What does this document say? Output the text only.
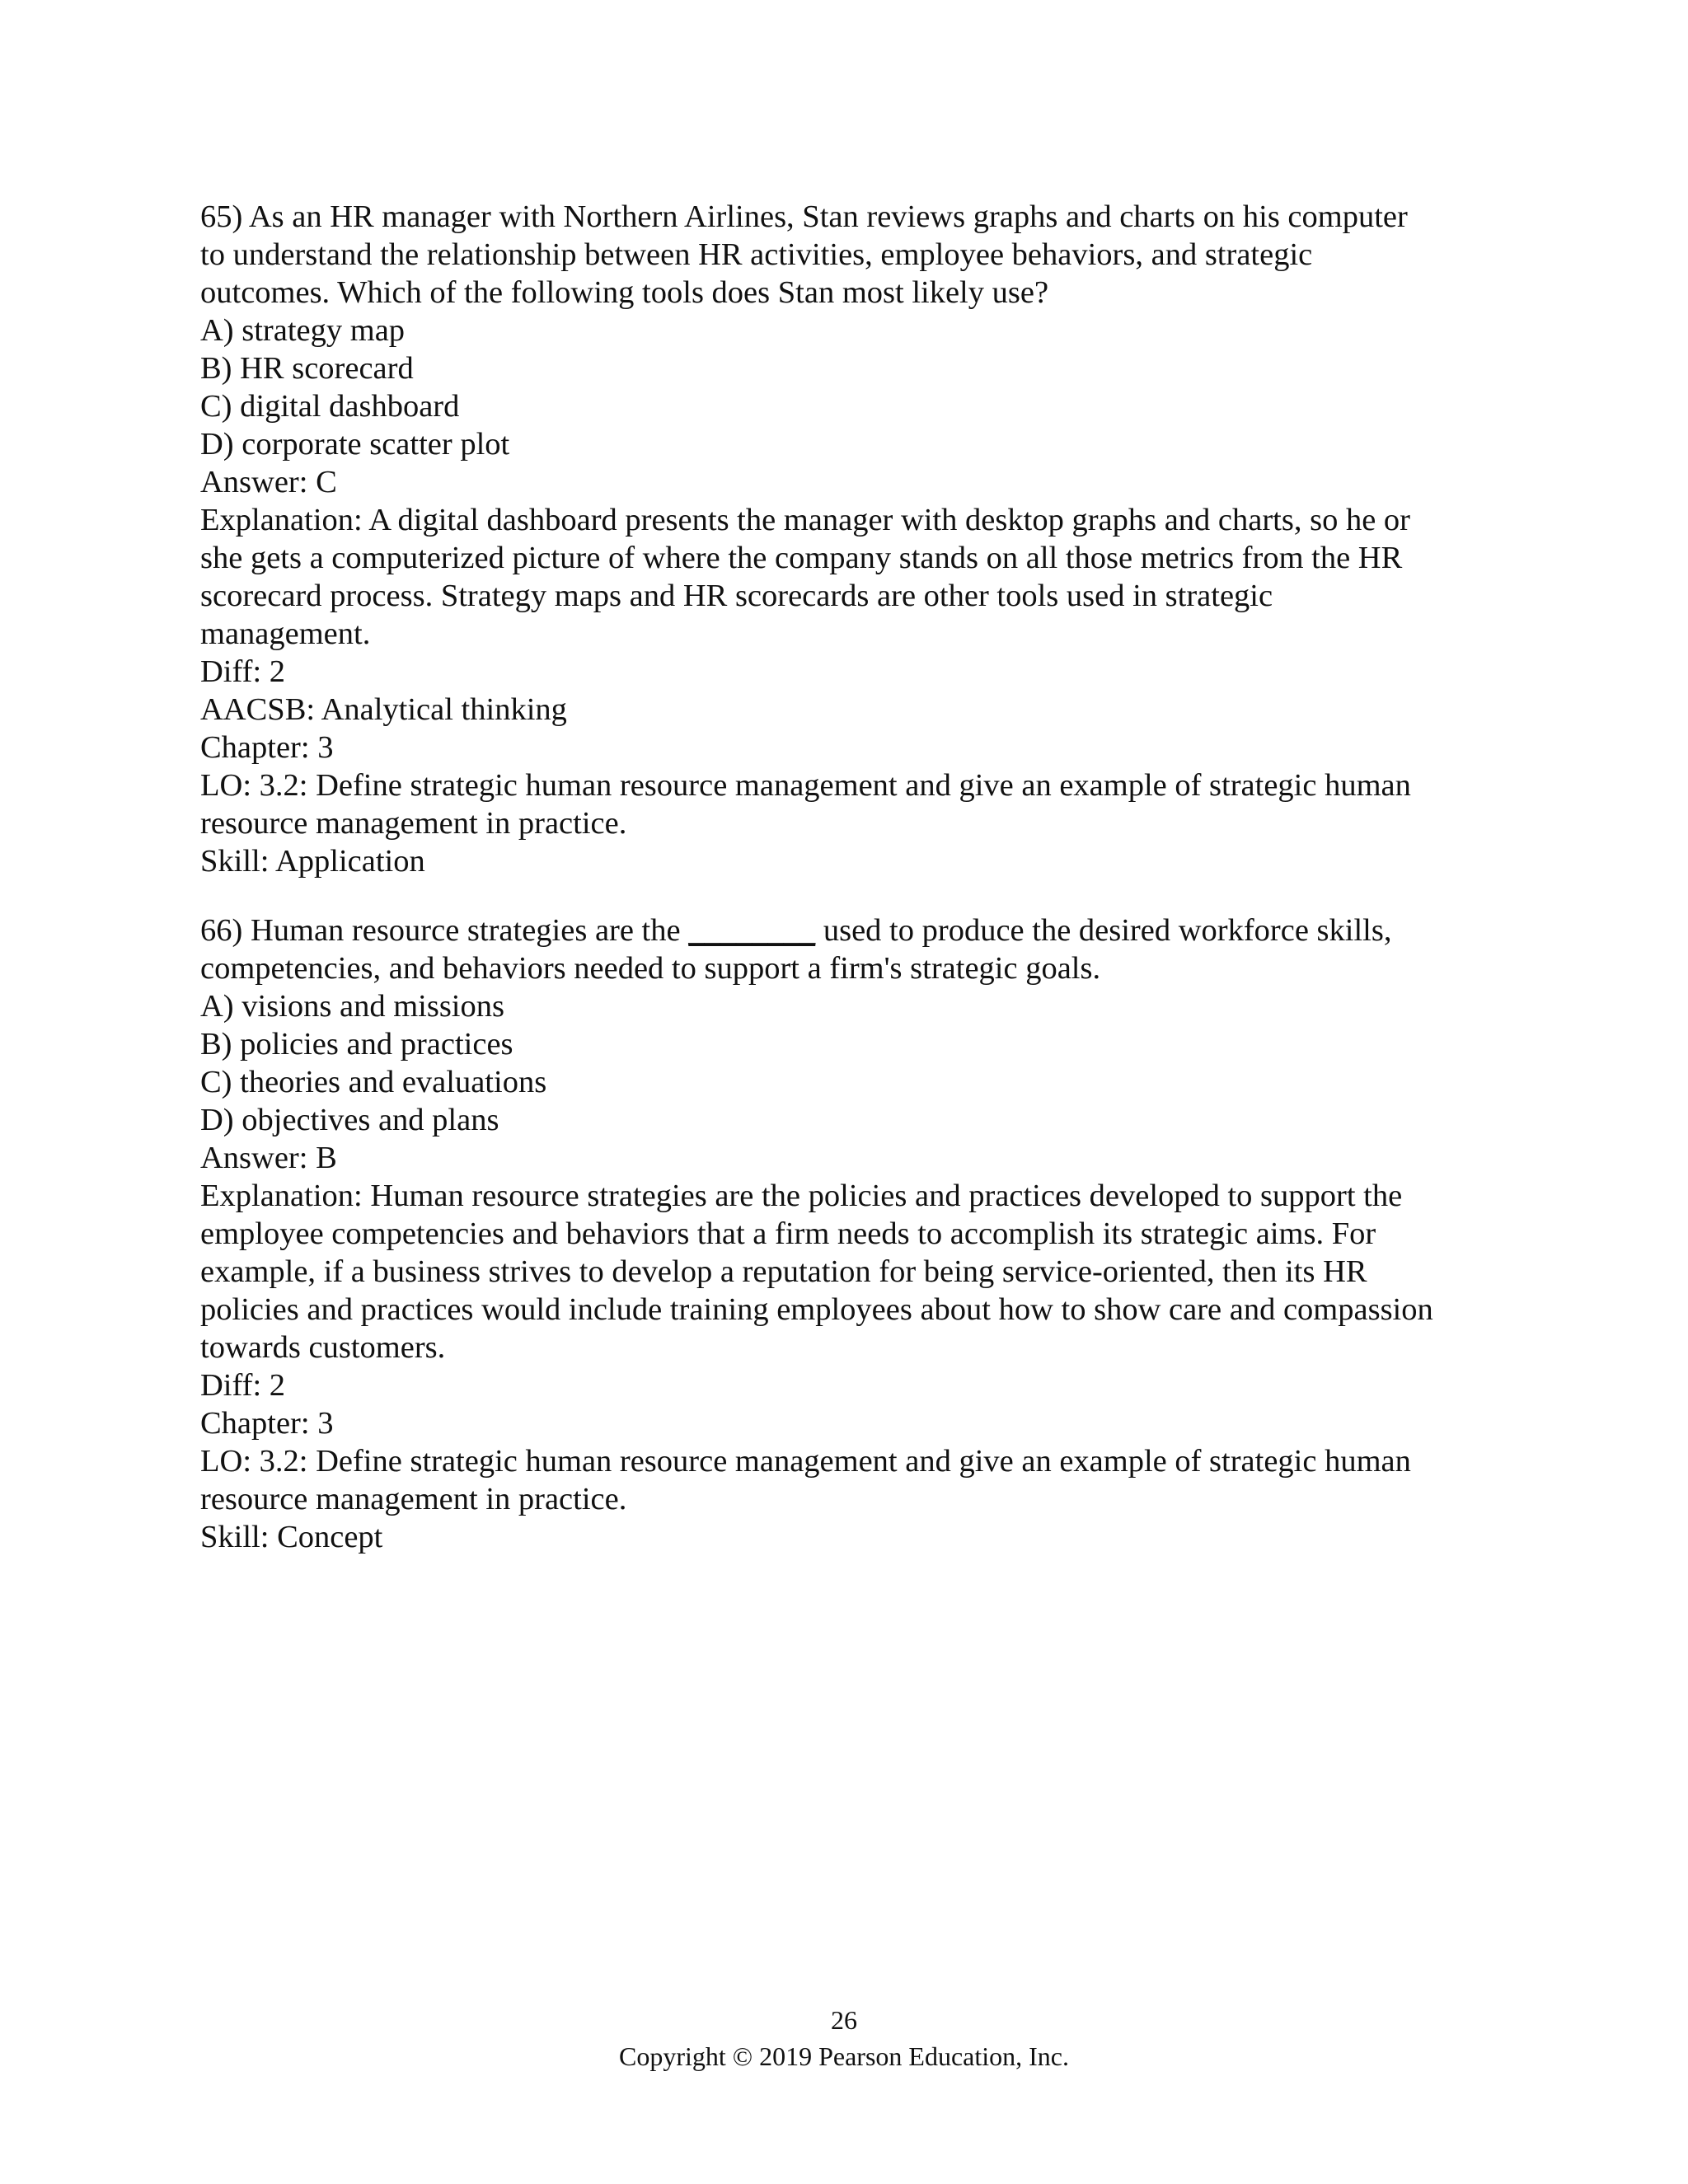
65) As an HR manager with Northern Airlines, Stan reviews graphs and charts on his computer
to understand the relationship between HR activities, employee behaviors, and strategic
outcomes. Which of the following tools does Stan most likely use?
A) strategy map
B) HR scorecard
C) digital dashboard
D) corporate scatter plot
Answer: C
Explanation: A digital dashboard presents the manager with desktop graphs and charts, so he or
she gets a computerized picture of where the company stands on all those metrics from the HR
scorecard process. Strategy maps and HR scorecards are other tools used in strategic
management.
Diff: 2
AACSB: Analytical thinking
Chapter: 3
LO: 3.2: Define strategic human resource management and give an example of strategic human
resource management in practice.
Skill: Application
66) Human resource strategies are the ________ used to produce the desired workforce skills,
competencies, and behaviors needed to support a firm's strategic goals.
A) visions and missions
B) policies and practices
C) theories and evaluations
D) objectives and plans
Answer: B
Explanation: Human resource strategies are the policies and practices developed to support the
employee competencies and behaviors that a firm needs to accomplish its strategic aims. For
example, if a business strives to develop a reputation for being service-oriented, then its HR
policies and practices would include training employees about how to show care and compassion
towards customers.
Diff: 2
Chapter: 3
LO: 3.2: Define strategic human resource management and give an example of strategic human
resource management in practice.
Skill: Concept
26
Copyright © 2019 Pearson Education, Inc.
